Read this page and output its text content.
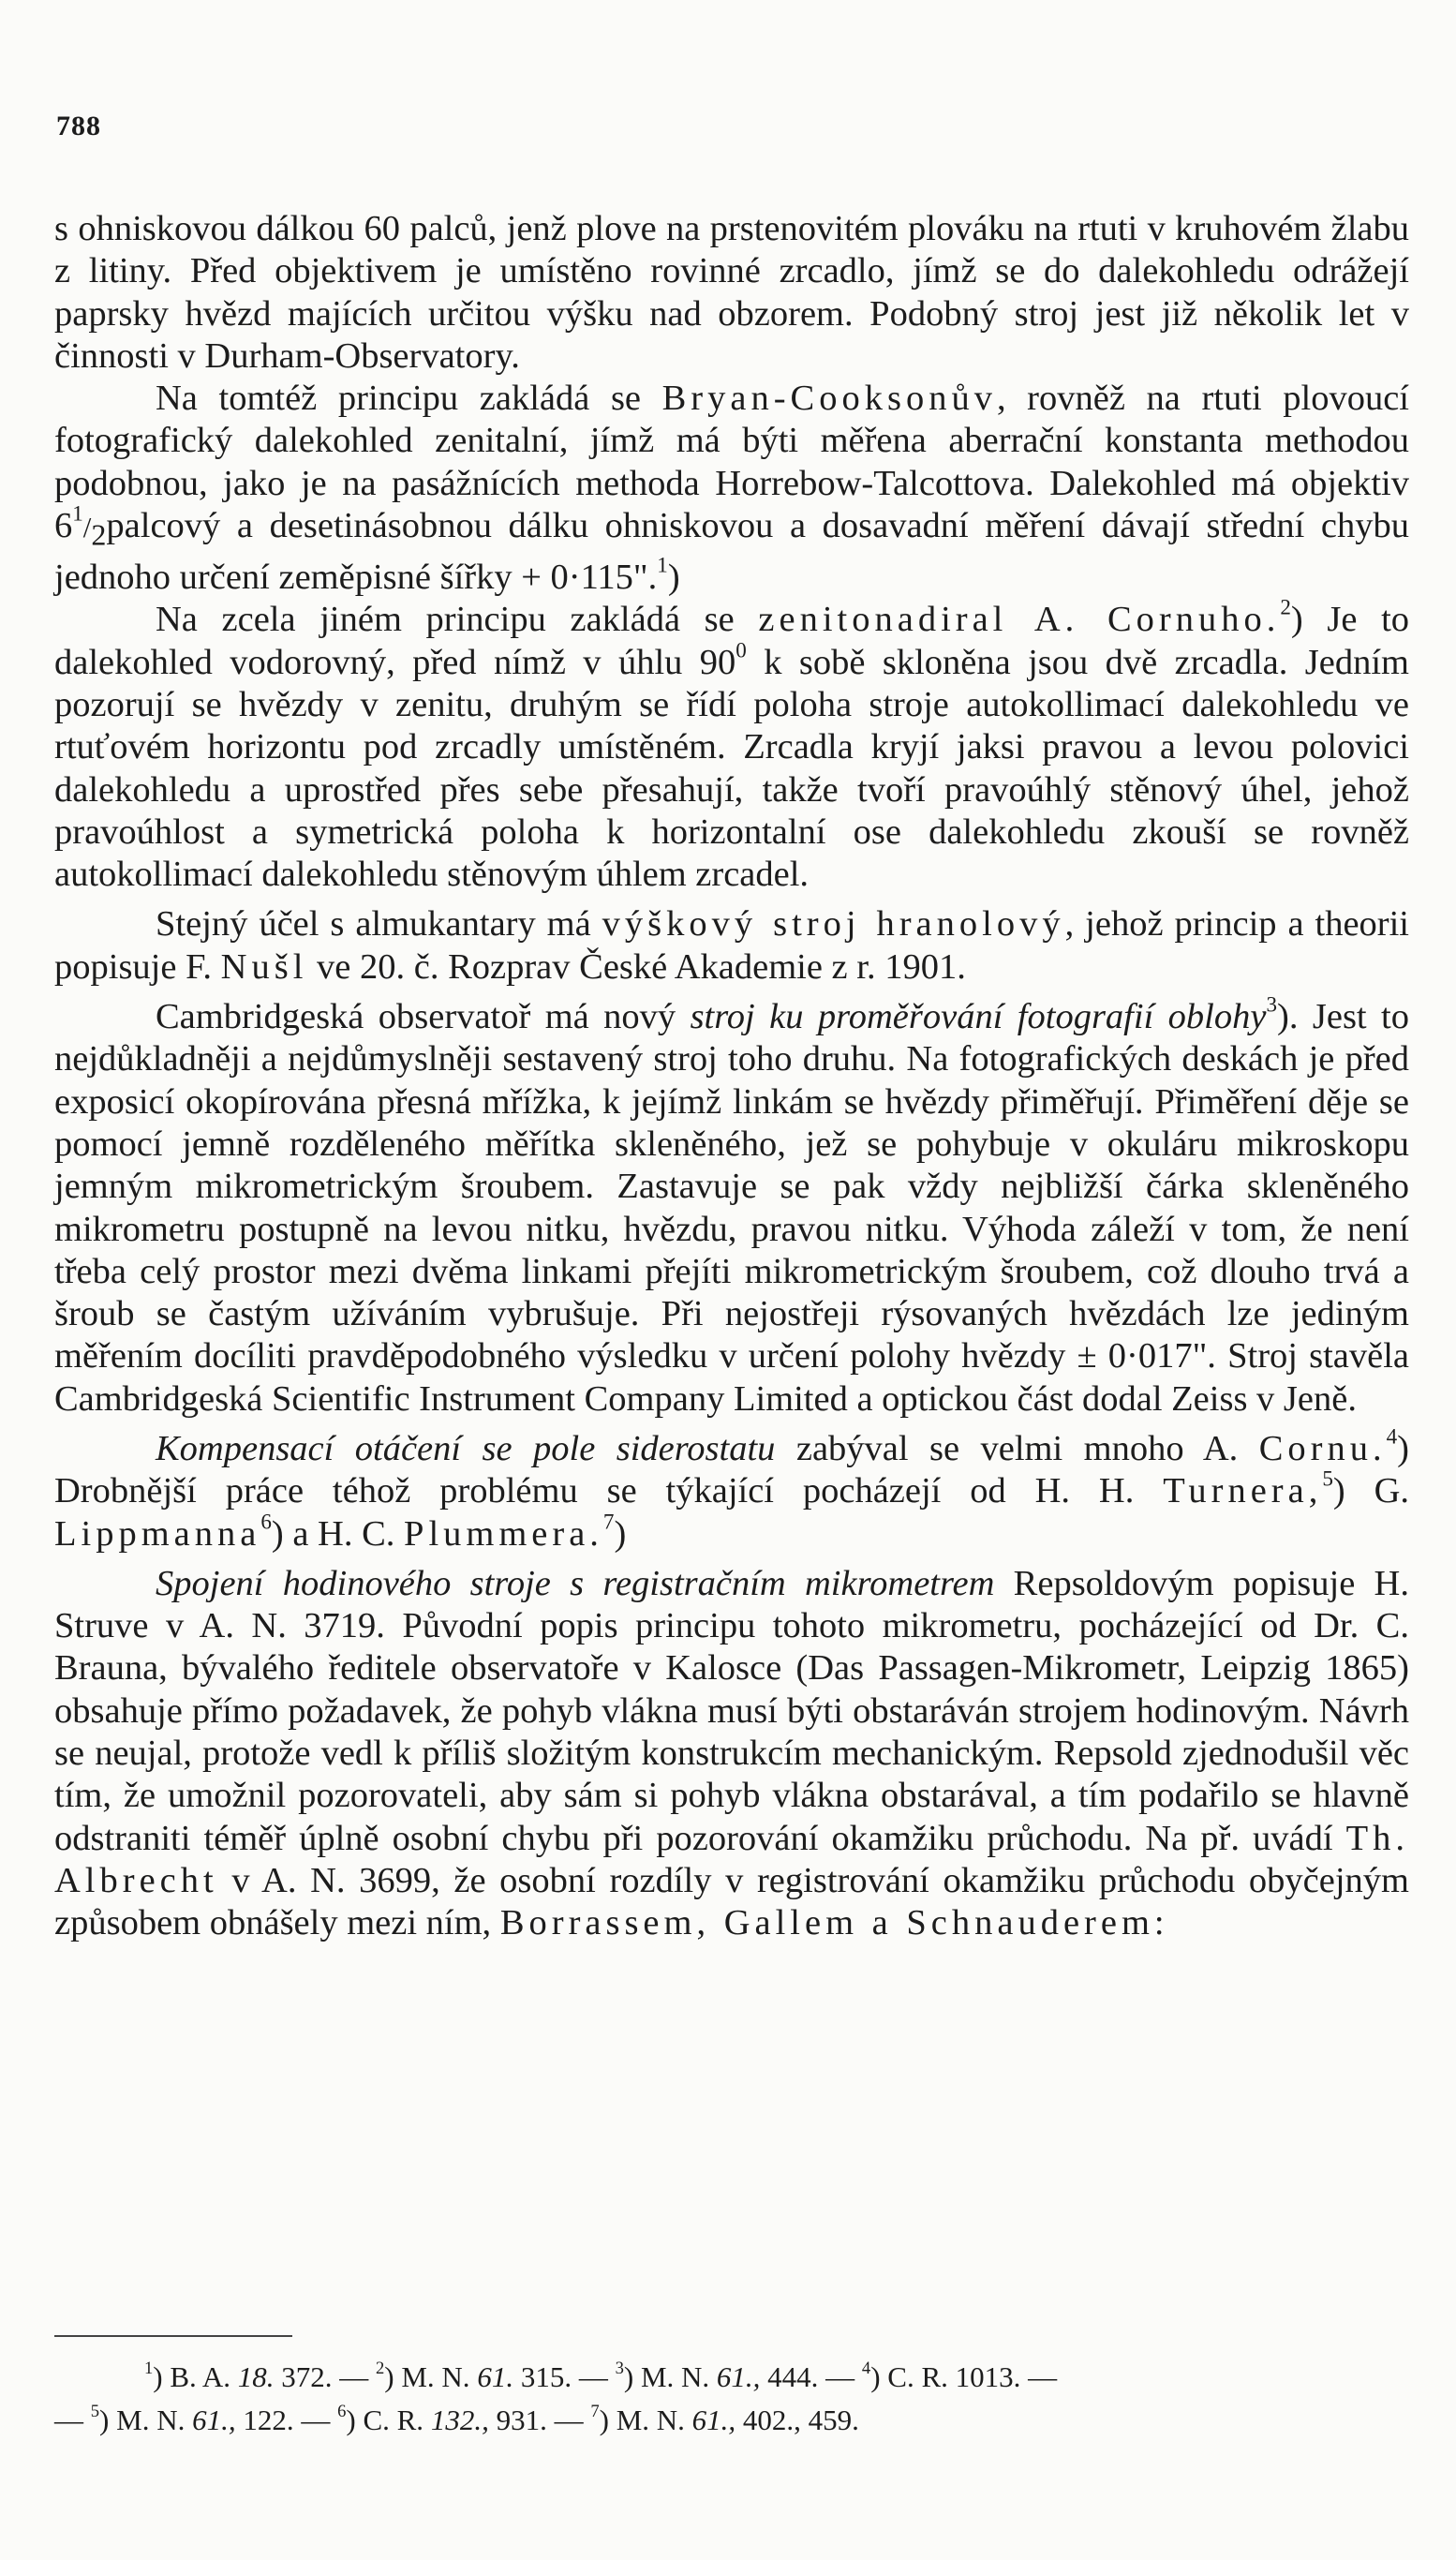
788

s ohniskovou dálkou 60 palců, jenž plove na prstenovitém plováku na rtuti v kruhovém žlabu z litiny. Před objektivem je umístěno rovinné zrcadlo, jímž se do dalekohledu odrážejí paprsky hvězd majících určitou výšku nad obzorem. Podobný stroj jest již několik let v činnosti v Durham-Observatory.

Na tomtéž principu zakládá se Bryan-Cooksonův, rovněž na rtuti plovoucí fotografický dalekohled zenitalní, jímž má býti měřena aberrační konstanta methodou podobnou, jako je na pasážnících methoda Horrebow-Talcottova. Dalekohled má objektiv $6^1/_2palcový$ a desetinásobnou dálku ohniskovou a dosavadní měření dávají střední chybu jednoho určení zeměpisné šířky + 0·115".$^1$)

Na zcela jiném principu zakládá se zenitonadiral A. Cornuho.$^2$) Je to dalekohled vodorovný, před nímž v úhlu $90^0$ k sobě skloněna jsou dvě zrcadla. Jedním pozorují se hvězdy v zenitu, druhým se řídí poloha stroje autokollimací dalekohledu ve rtuťovém horizontu pod zrcadly umístěném. Zrcadla kryjí jaksi pravou a levou polovici dalekohledu a uprostřed přes sebe přesahují, takže tvoří pravoúhlý stěnový úhel, jehož pravoúhlost a symetrická poloha k horizontalní ose dalekohledu zkouší se rovněž autokollimací dalekohledu stěnovým úhlem zrcadel.

Stejný účel s almukantary má výškový stroj hranolový, jehož princip a theorii popisuje F. Nušl ve 20. č. Rozprav České Akademie z r. 1901.

Cambridgeská observatoř má nový stroj ku proměřování fotografií oblohy$^3$). Jest to nejdůkladněji a nejdůmyslněji sestavený stroj toho druhu. Na fotografických deskách je před exposicí okopírována přesná mřížka, k jejímž linkám se hvězdy přiměřují. Přiměření děje se pomocí jemně rozděleného měřítka skleněného, jež se pohybuje v okuláru mikroskopu jemným mikrometrickým šroubem. Zastavuje se pak vždy nejbližší čárka skleněného mikrometru postupně na levou nitku, hvězdu, pravou nitku. Výhoda záleží v tom, že není třeba celý prostor mezi dvěma linkami přejíti mikrometrickým šroubem, což dlouho trvá a šroub se častým užíváním vybrušuje. Při nejostřeji rýsovaných hvězdách lze jediným měřením docíliti pravděpodobného výsledku v určení polohy hvězdy ± 0·017". Stroj stavěla Cambridgeská Scientific Instrument Company Limited a optickou část dodal Zeiss v Jeně.

Kompensací otáčení se pole siderostatu zabýval se velmi mnoho A. Cornu.$^4$) Drobnější práce téhož problému se týkající pocházejí od H. H. Turnera,$^5$) G. Lippmanna$^6$) a H. C. Plummera.$^7$)

Spojení hodinového stroje s registračním mikrometrem Repsoldovým popisuje H. Struve v A. N. 3719. Původní popis principu tohoto mikrometru, pocházející od Dr. C. Brauna, bývalého ředitele observatoře v Kalosce (Das Passagen-Mikrometr, Leipzig 1865) obsahuje přímo požadavek, že pohyb vlákna musí býti obstaráván strojem hodinovým. Návrh se neujal, protože vedl k příliš složitým konstrukcím mechanickým. Repsold zjednodušil věc tím, že umožnil pozorovateli, aby sám si pohyb vlákna obstarával, a tím podařilo se hlavně odstraniti téměř úplně osobní chybu při pozorování okamžiku průchodu. Na př. uvádí Th. Albrecht v A. N. 3699, že osobní rozdíly v registrování okamžiku průchodu obyčejným způsobem obnášely mezi ním, Borrassem, Gallem a Schnauderem:

$^1$) B. A. 18. 372. — $^2$) M. N. 61. 315. — $^3$) M. N. 61., 444. — $^4$) C. R. 1013. —

— $^5$) M. N. 61., 122. — $^6$) C. R. 132., 931. — $^7$) M. N. 61., 402., 459.
